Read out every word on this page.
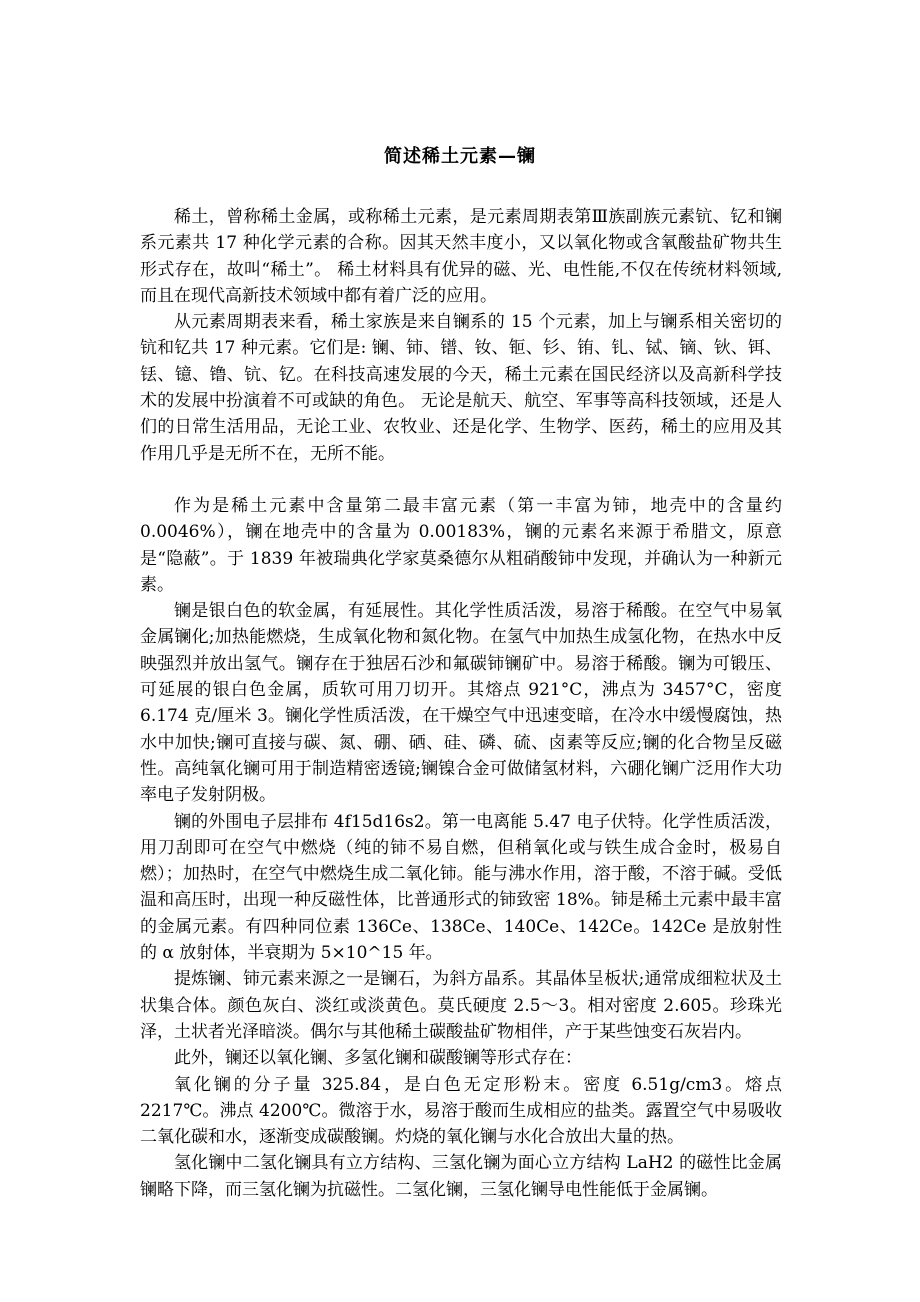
简述稀土元素—镧

稀土，曾称稀土金属，或称稀土元素，是元素周期表第Ⅲ族副族元素钪、钇和镧系元素共 17 种化学元素的合称。因其天然丰度小，又以氧化物或含氧酸盐矿物共生形式存在，故叫“稀土”。 稀土材料具有优异的磁、光、电性能,不仅在传统材料领域,而且在现代高新技术领域中都有着广泛的应用。

从元素周期表来看，稀土家族是来自镧系的 15 个元素，加上与镧系相关密切的钪和钇共 17 种元素。它们是: 镧、铈、镨、钕、钷、钐、铕、钆、铽、镝、钬、铒、铥、镱、镥、钪、钇。在科技高速发展的今天，稀土元素在国民经济以及高新科学技术的发展中扮演着不可或缺的角色。 无论是航天、航空、军事等高科技领域，还是人们的日常生活用品，无论工业、农牧业、还是化学、生物学、医药，稀土的应用及其作用几乎是无所不在，无所不能。

作为是稀土元素中含量第二最丰富元素（第一丰富为铈，地壳中的含量约 0.0046%），镧在地壳中的含量为 0.00183%，镧的元素名来源于希腊文，原意是“隐蔽”。于 1839 年被瑞典化学家莫桑德尔从粗硝酸铈中发现，并确认为一种新元素。

镧是银白色的软金属，有延展性。其化学性质活泼，易溶于稀酸。在空气中易氧金属镧化;加热能燃烧，生成氧化物和氮化物。在氢气中加热生成氢化物，在热水中反映强烈并放出氢气。镧存在于独居石沙和氟碳铈镧矿中。易溶于稀酸。镧为可锻压、可延展的银白色金属，质软可用刀切开。其熔点 921°C，沸点为 3457°C，密度 6.174 克/厘米 3。镧化学性质活泼，在干燥空气中迅速变暗，在冷水中缓慢腐蚀，热水中加快;镧可直接与碳、氮、硼、硒、硅、磷、硫、卤素等反应;镧的化合物呈反磁性。高纯氧化镧可用于制造精密透镜;镧镍合金可做储氢材料，六硼化镧广泛用作大功率电子发射阴极。

镧的外围电子层排布 4f15d16s2。第一电离能 5.47 电子伏特。化学性质活泼，用刀刮即可在空气中燃烧（纯的铈不易自燃，但稍氧化或与铁生成合金时，极易自燃）；加热时，在空气中燃烧生成二氧化铈。能与沸水作用，溶于酸，不溶于碱。受低温和高压时，出现一种反磁性体，比普通形式的铈致密 18%。铈是稀土元素中最丰富的金属元素。有四种同位素 136Ce、138Ce、140Ce、142Ce。142Ce 是放射性的 α 放射体，半衰期为 5×10^15 年。

提炼镧、铈元素来源之一是镧石，为斜方晶系。其晶体呈板状;通常成细粒状及土状集合体。颜色灰白、淡红或淡黄色。莫氏硬度 2.5～3。相对密度 2.605。珍珠光泽，土状者光泽暗淡。偶尔与其他稀土碳酸盐矿物相伴，产于某些蚀变石灰岩内。

此外，镧还以氧化镧、多氢化镧和碳酸镧等形式存在：

氧化镧的分子量 325.84，是白色无定形粉末。密度 6.51g/cm3。熔点 2217℃。沸点 4200℃。微溶于水，易溶于酸而生成相应的盐类。露置空气中易吸收二氧化碳和水，逐渐变成碳酸镧。灼烧的氧化镧与水化合放出大量的热。

氢化镧中二氢化镧具有立方结构、三氢化镧为面心立方结构 LaH2 的磁性比金属镧略下降，而三氢化镧为抗磁性。二氢化镧，三氢化镧导电性能低于金属镧。
